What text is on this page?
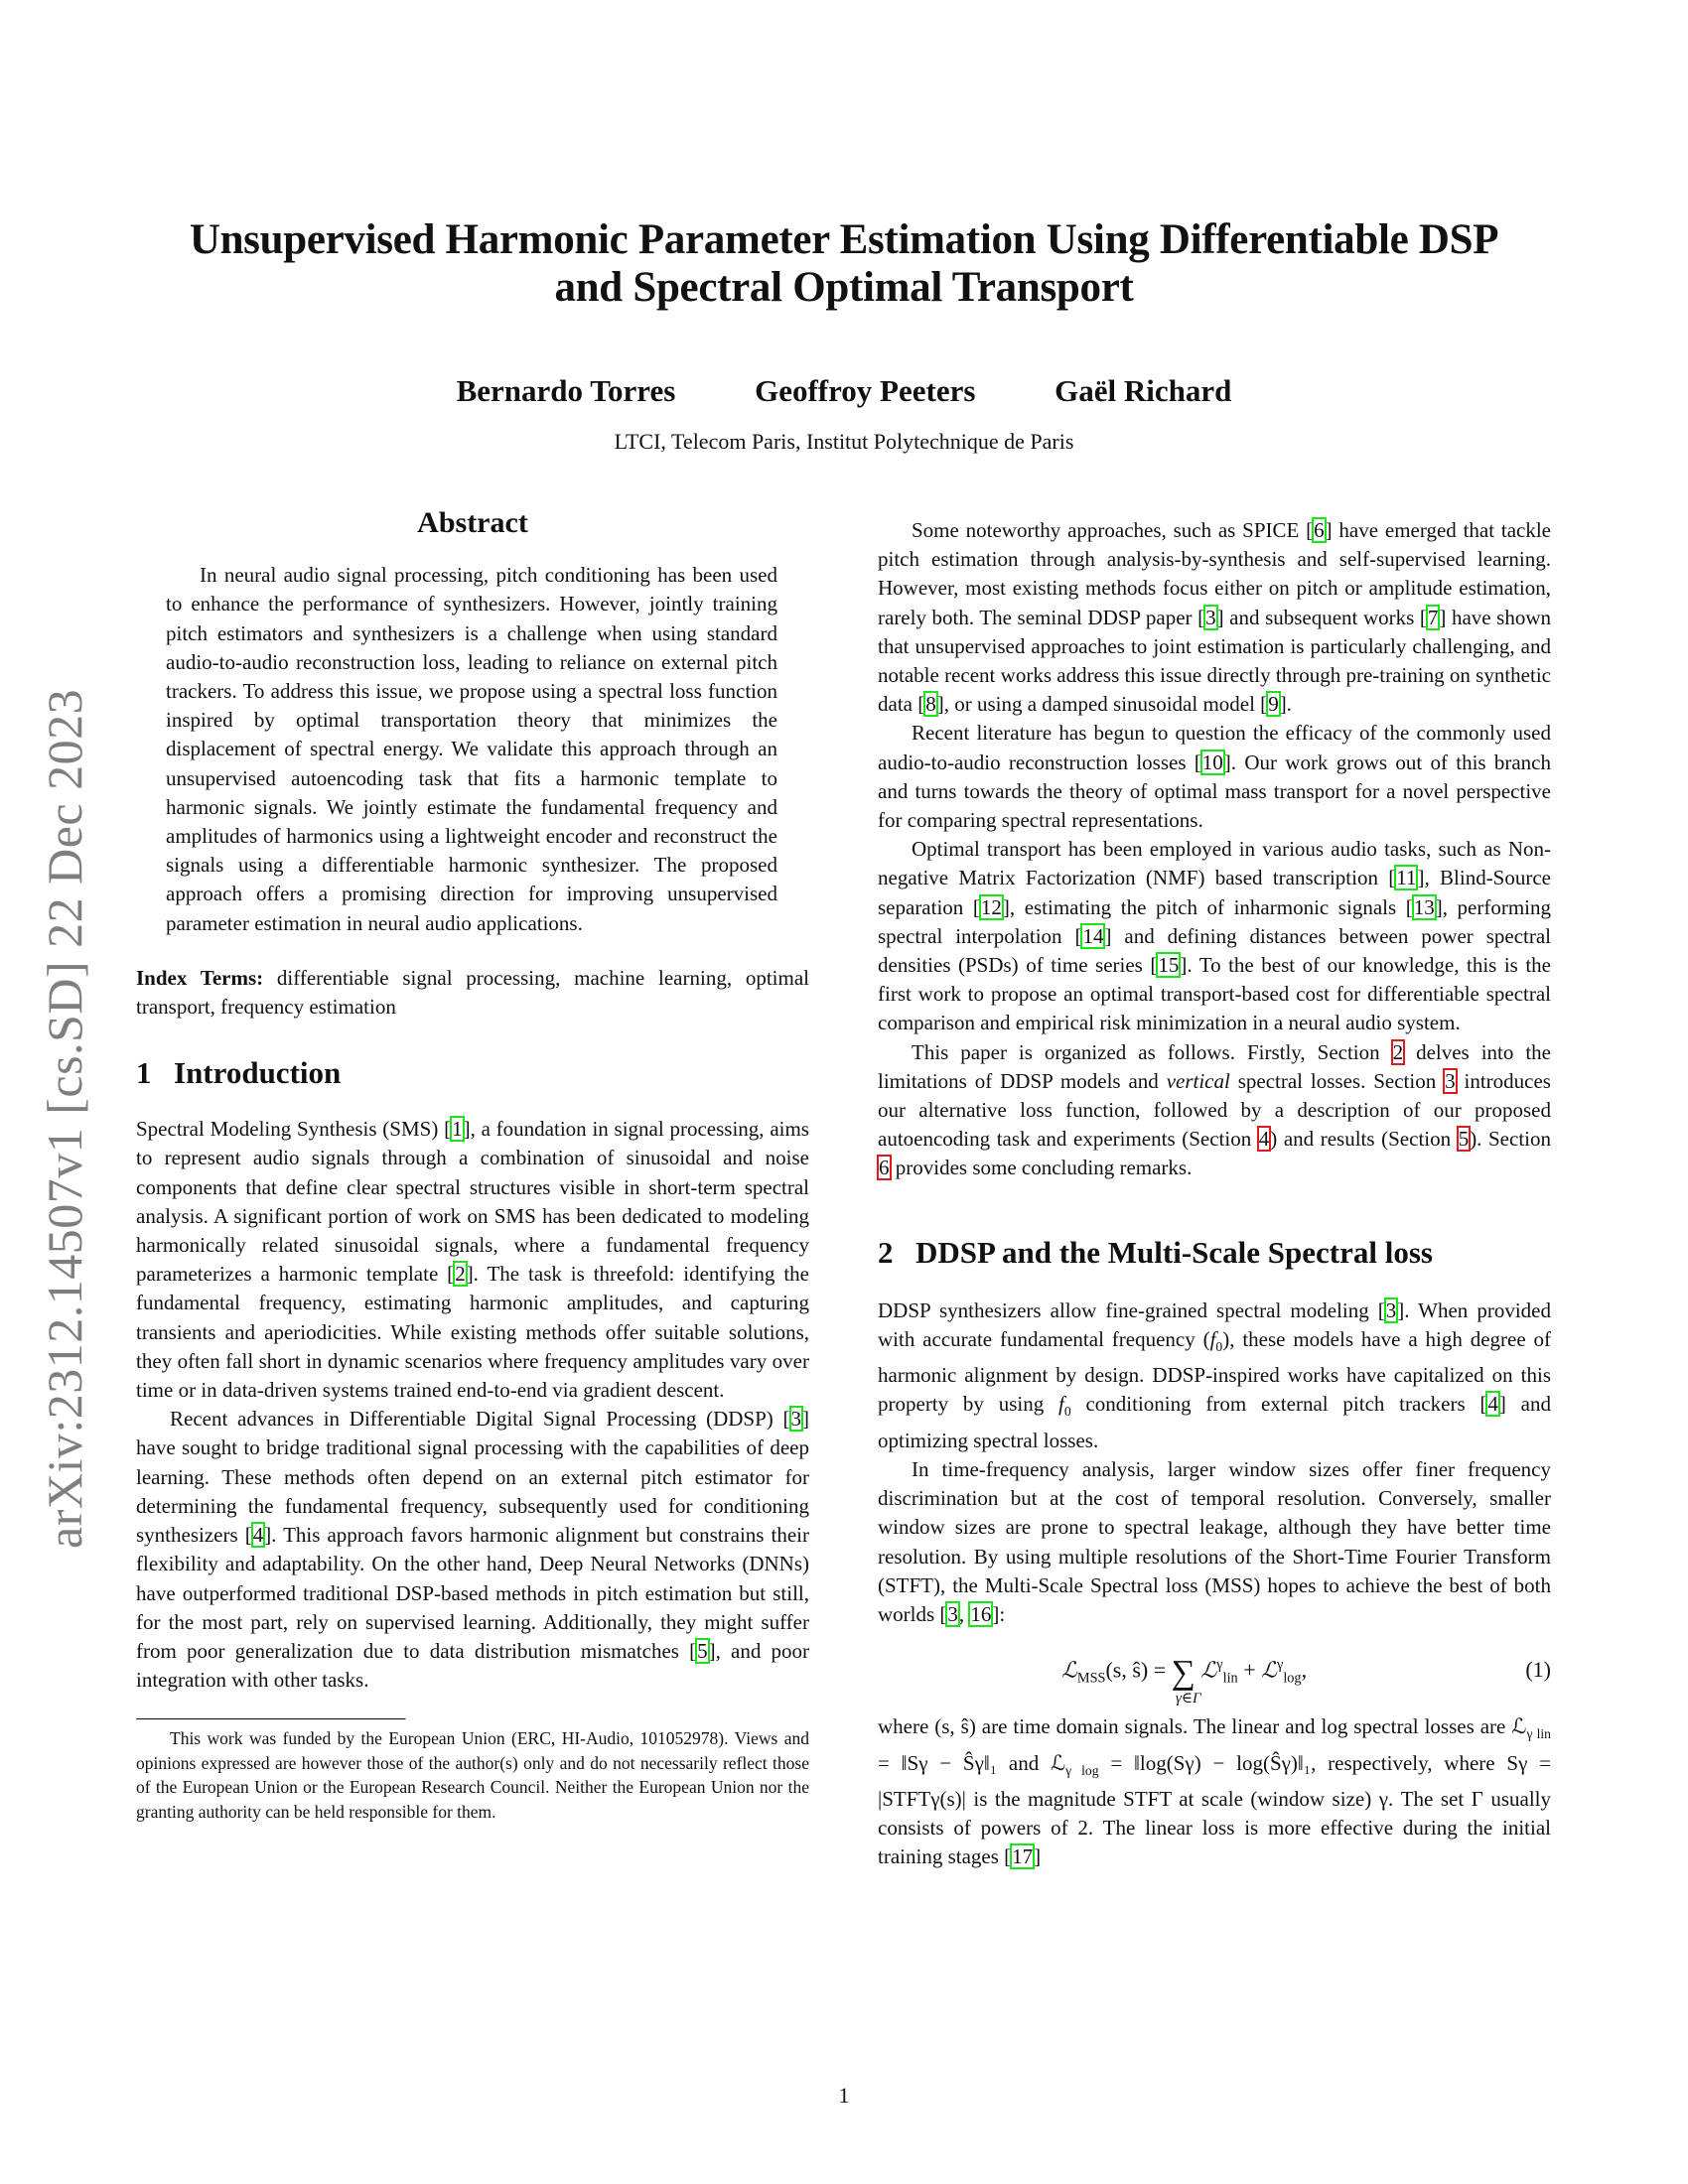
Unsupervised Harmonic Parameter Estimation Using Differentiable DSP
and Spectral Optimal Transport
Bernardo Torres	Geoffroy Peeters	Gaël Richard
LTCI, Telecom Paris, Institut Polytechnique de Paris
arXiv:2312.14507v1 [cs.SD] 22 Dec 2023
Abstract

In neural audio signal processing, pitch conditioning has been used to enhance the performance of synthesizers. However, jointly training pitch estimators and synthesizers is a challenge when using standard audio-to-audio reconstruction loss, leading to reliance on external pitch trackers. To address this issue, we propose using a spectral loss function inspired by optimal transportation theory that minimizes the displacement of spectral energy. We validate this approach through an unsupervised autoencoding task that fits a harmonic template to harmonic signals. We jointly estimate the fundamental frequency and amplitudes of harmonics using a lightweight encoder and reconstruct the signals using a differentiable harmonic synthesizer. The proposed approach offers a promising direction for improving unsupervised parameter estimation in neural audio applications.

Index Terms: differentiable signal processing, machine learning, optimal transport, frequency estimation

1 Introduction

Spectral Modeling Synthesis (SMS) [1], a foundation in signal processing, aims to represent audio signals through a combination of sinusoidal and noise components that define clear spectral structures visible in short-term spectral analysis. A significant portion of work on SMS has been dedicated to modeling harmonically related sinusoidal signals, where a fundamental frequency parameterizes a harmonic template [2]. The task is threefold: identifying the fundamental frequency, estimating harmonic amplitudes, and capturing transients and aperiodicities. While existing methods offer suitable solutions, they often fall short in dynamic scenarios where frequency amplitudes vary over time or in data-driven systems trained end-to-end via gradient descent.

Recent advances in Differentiable Digital Signal Processing (DDSP) [3] have sought to bridge traditional signal processing with the capabilities of deep learning. These methods often depend on an external pitch estimator for determining the fundamental frequency, subsequently used for conditioning synthesizers [4]. This approach favors harmonic alignment but constrains their flexibility and adaptability. On the other hand, Deep Neural Networks (DNNs) have outperformed traditional DSP-based methods in pitch estimation but still, for the most part, rely on supervised learning. Additionally, they might suffer from poor generalization due to data distribution mismatches [5], and poor integration with other tasks.

This work was funded by the European Union (ERC, HI-Audio, 101052978). Views and opinions expressed are however those of the author(s) only and do not necessarily reflect those of the European Union or the European Research Council. Neither the European Union nor the granting authority can be held responsible for them.

Some noteworthy approaches, such as SPICE [6] have emerged that tackle pitch estimation through analysis-by-synthesis and self-supervised learning. However, most existing methods focus either on pitch or amplitude estimation, rarely both. The seminal DDSP paper [3] and subsequent works [7] have shown that unsupervised approaches to joint estimation is particularly challenging, and notable recent works address this issue directly through pre-training on synthetic data [8], or using a damped sinusoidal model [9].

Recent literature has begun to question the efficacy of the commonly used audio-to-audio reconstruction losses [10]. Our work grows out of this branch and turns towards the theory of optimal mass transport for a novel perspective for comparing spectral representations.

Optimal transport has been employed in various audio tasks, such as Non-negative Matrix Factorization (NMF) based transcription [11], Blind-Source separation [12], estimating the pitch of inharmonic signals [13], performing spectral interpolation [14] and defining distances between power spectral densities (PSDs) of time series [15]. To the best of our knowledge, this is the first work to propose an optimal transport-based cost for differentiable spectral comparison and empirical risk minimization in a neural audio system.

This paper is organized as follows. Firstly, Section 2 delves into the limitations of DDSP models and vertical spectral losses. Section 3 introduces our alternative loss function, followed by a description of our proposed autoencoding task and experiments (Section 4) and results (Section 5). Section 6 provides some concluding remarks.

2 DDSP and the Multi-Scale Spectral loss

DDSP synthesizers allow fine-grained spectral modeling [3]. When provided with accurate fundamental frequency $(f_0)$, these models have a high degree of harmonic alignment by design. DDSP-inspired works have capitalized on this property by using $f_0$ conditioning from external pitch trackers [4] and optimizing spectral losses.

In time-frequency analysis, larger window sizes offer finer frequency discrimination but at the cost of temporal resolution. Conversely, smaller window sizes are prone to spectral leakage, although they have better time resolution. By using multiple resolutions of the Short-Time Fourier Transform (STFT), the Multi-Scale Spectral loss (MSS) hopes to achieve the best of both worlds [3, 16]:

ℒ$_{MSS}$(s, ŝ) = ∑ ℒ$^\gamma_{lin}$ + ℒ$^\gamma_{log}$,
γ∈Γ
(1)

where (s, ŝ) are time domain signals. The linear and log spectral losses are ℒ$_{\gamma lin}$ = ‖Sγ − Ŝγ‖₁ and ℒ$_{\gamma log}$ = ‖log(Sγ) − log(Ŝγ)‖₁, respectively, where Sγ = |STFTγ(s)| is the magnitude STFT at scale (window size) γ. The set Γ usually consists of powers of 2. The linear loss is more effective during the initial training stages [17]

1
